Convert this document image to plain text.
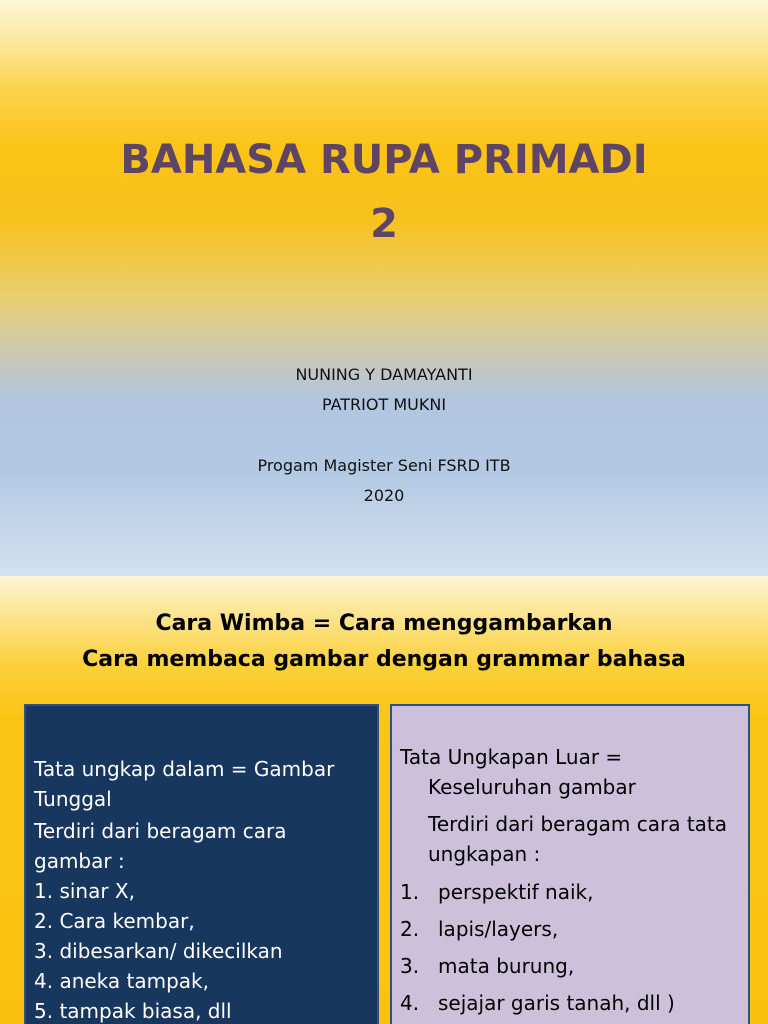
BAHASA RUPA PRIMADI
2
NUNING Y DAMAYANTI
PATRIOT MUKNI
Progam Magister Seni FSRD ITB
2020
Cara Wimba = Cara menggambarkan
Cara membaca gambar dengan grammar bahasa
Tata ungkap dalam = Gambar
Tunggal
Terdiri dari beragam cara
gambar :
1. sinar X,
2. Cara kembar,
3. dibesarkan/ dikecilkan
4. aneka tampak,
5. tampak biasa, dll
Tata Ungkapan Luar =
Keseluruhan gambar
Terdiri dari beragam cara tata
ungkapan :
1. perspektif naik,
2. lapis/layers,
3. mata burung,
4. sejajar garis tanah, dll )
